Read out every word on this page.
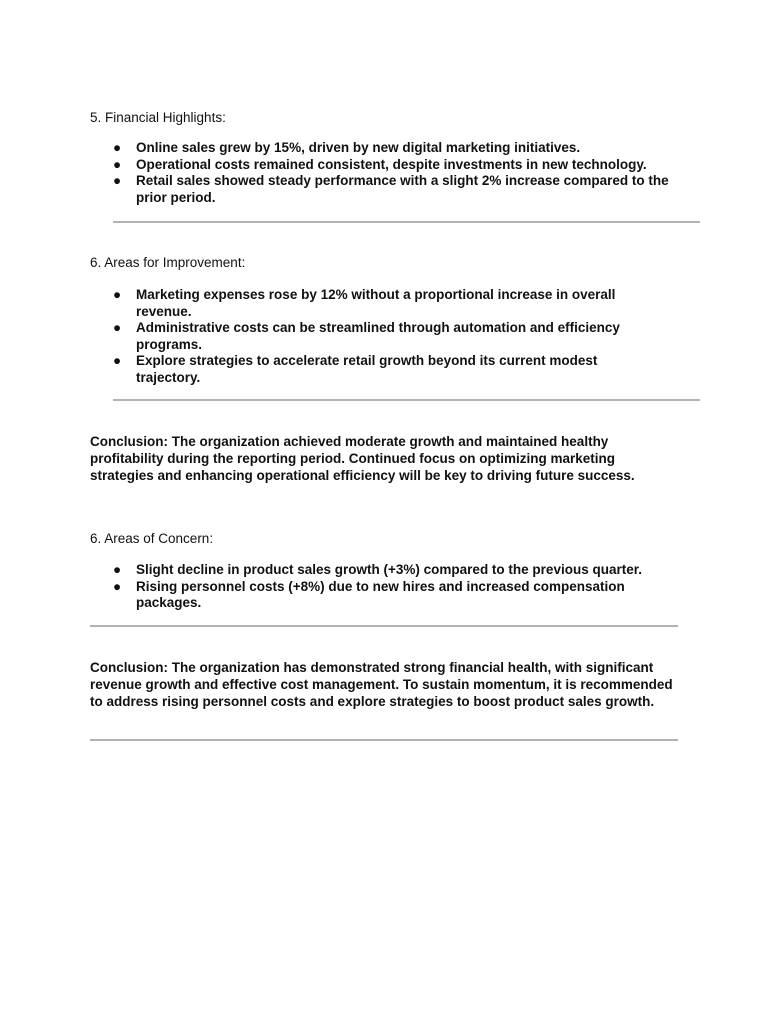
5. Financial Highlights:
● Online sales grew by 15%, driven by new digital marketing initiatives.
● Operational costs remained consistent, despite investments in new technology.
● Retail sales showed steady performance with a slight 2% increase compared to the prior period.
6. Areas for Improvement:
● Marketing expenses rose by 12% without a proportional increase in overall revenue.
● Administrative costs can be streamlined through automation and efficiency programs.
● Explore strategies to accelerate retail growth beyond its current modest trajectory.

Conclusion: The organization achieved moderate growth and maintained healthy profitability during the reporting period. Continued focus on optimizing marketing strategies and enhancing operational efficiency will be key to driving future success.

6. Areas of Concern:
● Slight decline in product sales growth (+3%) compared to the previous quarter.
● Rising personnel costs (+8%) due to new hires and increased compensation packages.

Conclusion: The organization has demonstrated strong financial health, with significant revenue growth and effective cost management. To sustain momentum, it is recommended to address rising personnel costs and explore strategies to boost product sales growth.
